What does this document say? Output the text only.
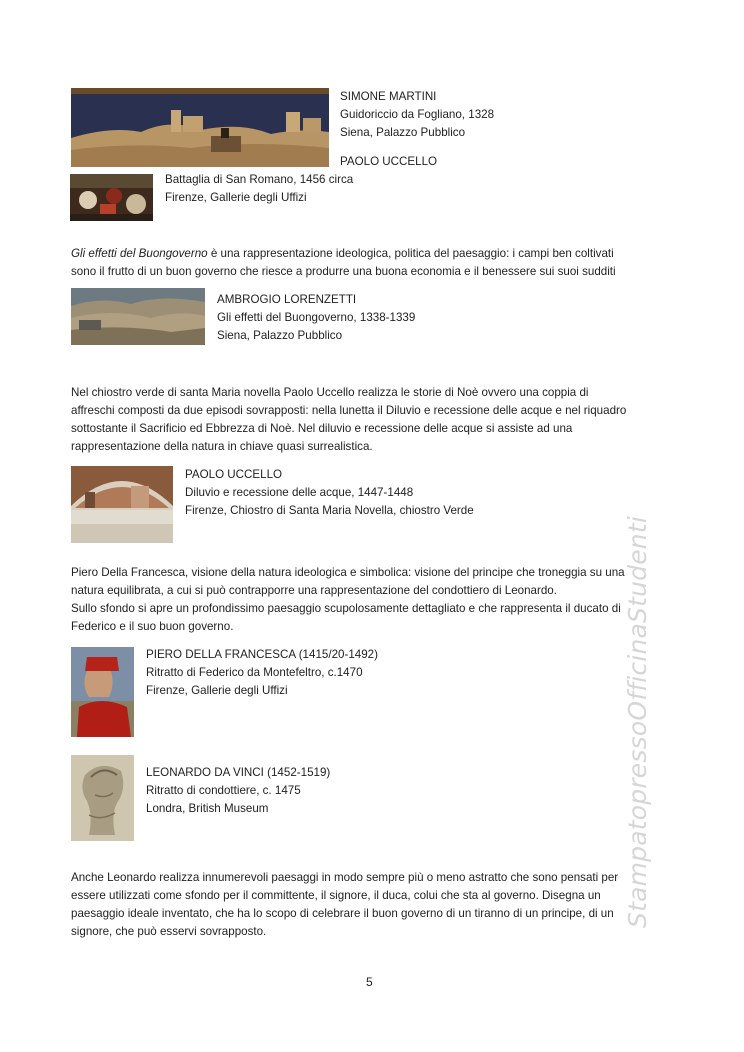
SIMONE MARTINI
Guidoriccio da Fogliano, 1328
Siena, Palazzo Pubblico
PAOLO UCCELLO
Battaglia di San Romano, 1456 circa
Firenze, Gallerie degli Uffizi
Gli effetti del Buongoverno è una rappresentazione ideologica, politica del paesaggio: i campi ben coltivati
sono il frutto di un buon governo che riesce a produrre una buona economia e il benessere sui suoi sudditi
AMBROGIO LORENZETTI
Gli effetti del Buongoverno, 1338-1339
Siena, Palazzo Pubblico
Nel chiostro verde di santa Maria novella Paolo Uccello realizza le storie di Noè ovvero una coppia di
affreschi composti da due episodi sovrapposti: nella lunetta il Diluvio e recessione delle acque e nel riquadro
sottostante il Sacrificio ed Ebbrezza di Noè. Nel diluvio e recessione delle acque si assiste ad una
rappresentazione della natura in chiave quasi surrealistica.
PAOLO UCCELLO
Diluvio e recessione delle acque, 1447-1448
Firenze, Chiostro di Santa Maria Novella, chiostro Verde
Piero Della Francesca, visione della natura ideologica e simbolica: visione del principe che troneggia su una
natura equilibrata, a cui si può contrapporre una rappresentazione del condottiero di Leonardo.
Sullo sfondo si apre un profondissimo paesaggio scupolosamente dettagliato e che rappresenta il ducato di
Federico e il suo buon governo.
PIERO DELLA FRANCESCA (1415/20-1492)
Ritratto di Federico da Montefeltro, c.1470
Firenze, Gallerie degli Uffizi
LEONARDO DA VINCI (1452-1519)
Ritratto di condottiere, c. 1475
Londra, British Museum
Anche Leonardo realizza innumerevoli paesaggi in modo sempre più o meno astratto che sono pensati per
essere utilizzati come sfondo per il committente, il signore, il duca, colui che sta al governo. Disegna un
paesaggio ideale inventato, che ha lo scopo di celebrare il buon governo di un tiranno di un principe, di un
signore, che può esservi sovrapposto.
StampatopressoOfficinaStudenti
5
